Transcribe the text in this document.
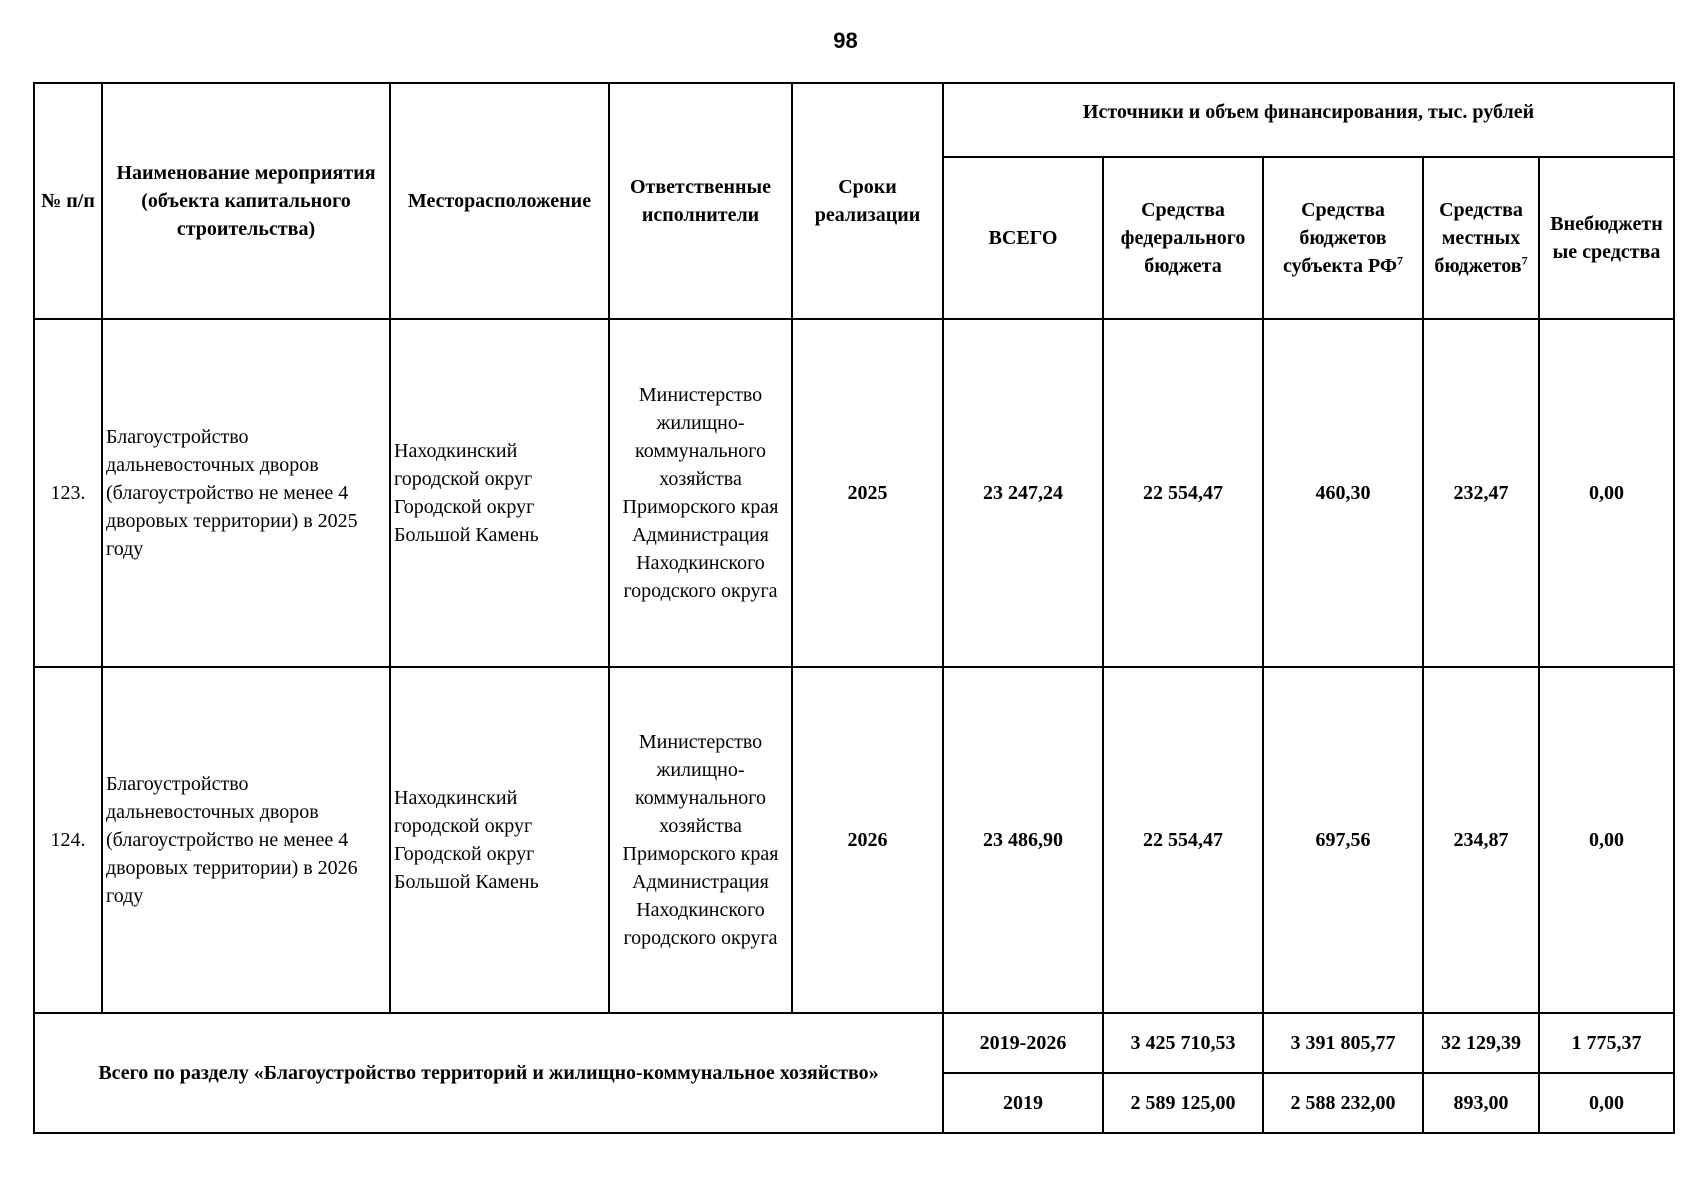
98
№ п/п	Наименование мероприятия (объекта капитального строительства)	Месторасположение	Ответственные исполнители	Сроки реализации	Источники и объем финансирования, тыс. рублей					
					ВСЕГО	Средства федерального бюджета	Средства бюджетов субъекта $РФ^7$	Средства местных бюджетов$^7$	Внебюджетные средства	
123.	Благоустройство дальневосточных дворов (благоустройство не менее 4 дворовых территории) в 2025 году	Находкинский городской округ Городской округ Большой Камень	Министерство жилищно-коммунального хозяйства Приморского края Администрация Находкинского городского округа	2025	23 247,24	22 554,47	460,30	232,47	0,00	
124.	Благоустройство дальневосточных дворов (благоустройство не менее 4 дворовых территории) в 2026 году	Находкинский городской округ Городской округ Большой Камень	Министерство жилищно-коммунального хозяйства Приморского края Администрация Находкинского городского округа	2026	23 486,90	22 554,47	697,56	234,87	0,00	
Всего по разделу «Благоустройство территорий и жилищно-коммунальное хозяйство»					2019-2026	3 425 710,53	3 391 805,77	32 129,39	1 775,37	
					2019	2 589 125,00	2 588 232,00	893,00	0,00	
